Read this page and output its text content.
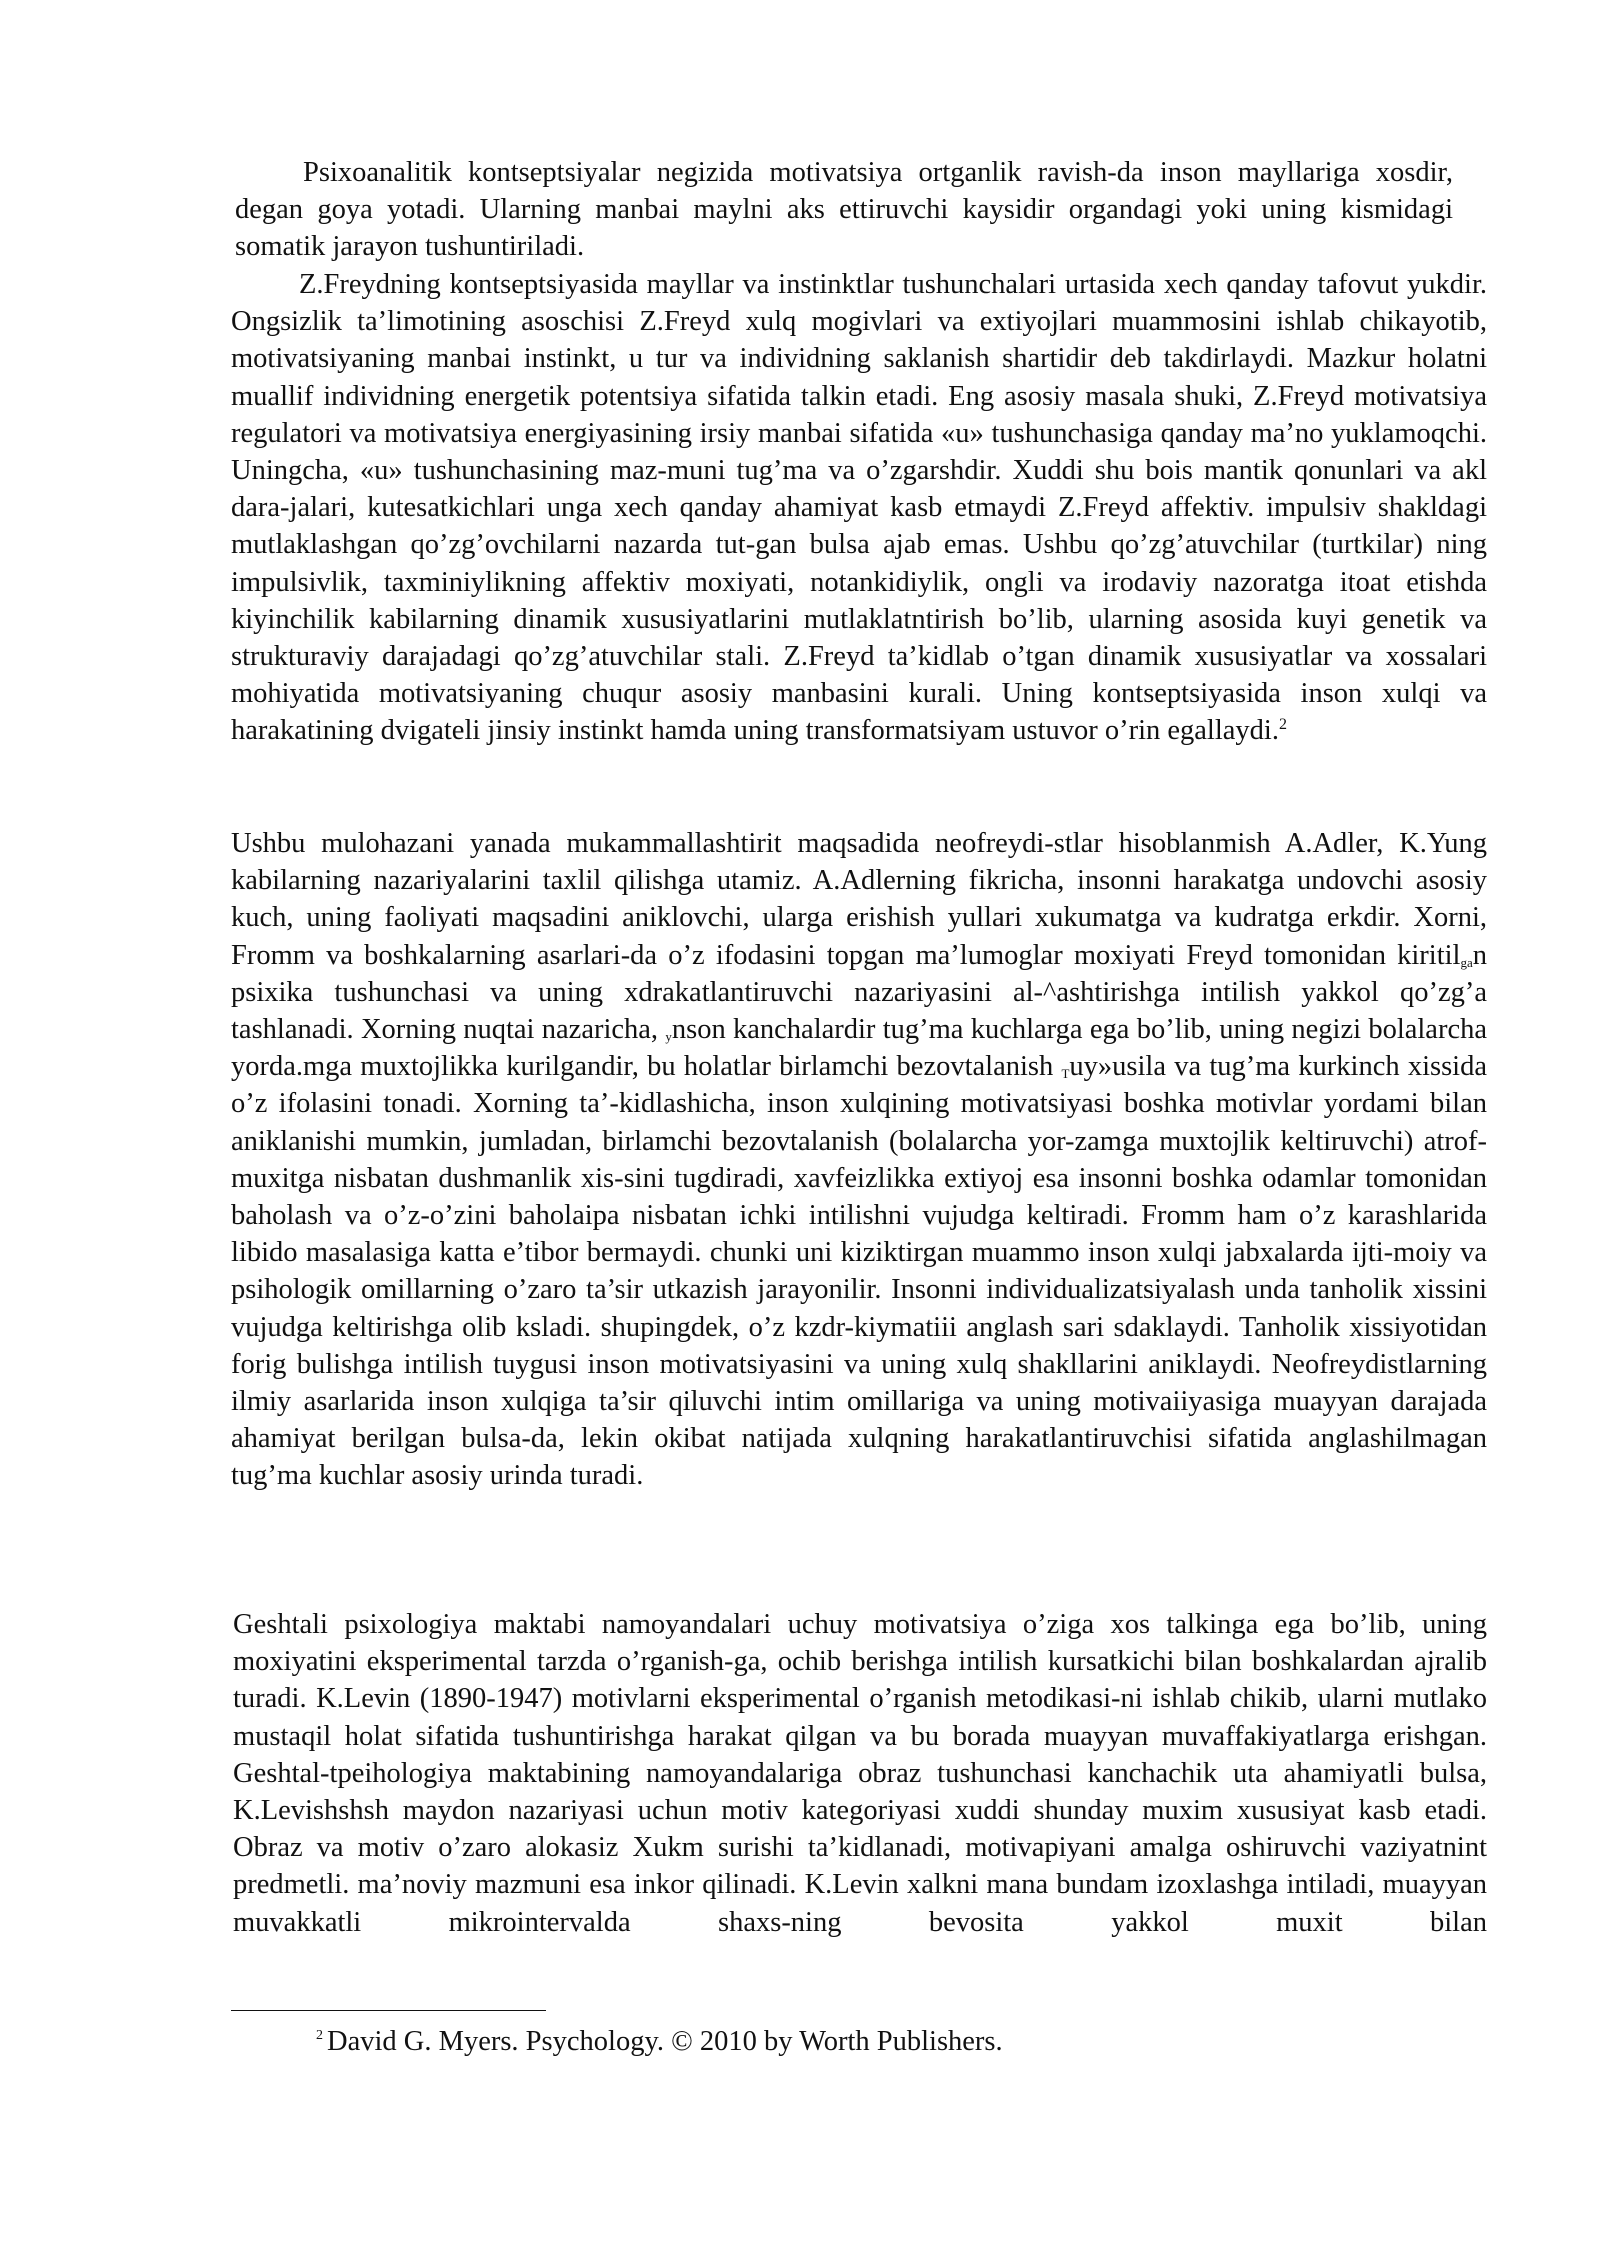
Psixoanalitik kontseptsiyalar negizida motivatsiya ortganlik ravish-da inson mayllariga xosdir, degan goya yotadi. Ularning manbai maylni aks ettiruvchi kaysidir organdagi yoki uning kismidagi somatik jarayon tushuntiriladi.

Z.Freydning kontseptsiyasida mayllar va instinktlar tushunchalari urtasida xech qanday tafovut yukdir. Ongsizlik ta’limotining asoschisi Z.Freyd xulq mogivlari va extiyojlari muammosini ishlab chikayotib, motivatsiyaning manbai instinkt, u tur va individning saklanish shartidir deb takdirlaydi. Mazkur holatni muallif individning energetik potentsiya sifatida talkin etadi. Eng asosiy masala shuki, Z.Freyd motivatsiya regulatori va motivatsiya energiyasining irsiy manbai sifatida «u» tushunchasiga qanday ma’no yuklamoqchi. Uningcha, «u» tushunchasining maz-muni tug’ma va o’zgarshdir. Xuddi shu bois mantik qonunlari va akl dara-jalari, kutesatkichlari unga xech qanday ahamiyat kasb etmaydi Z.Freyd affektiv. impulsiv shakldagi mutlaklashgan qo’zg’ovchilarni nazarda tut-gan bulsa ajab emas. Ushbu qo’zg’atuvchilar (turtkilar) ning impulsivlik, taxminiylikning affektiv moxiyati, notankidiylik, ongli va irodaviy nazoratga itoat etishda kiyinchilik kabilarning dinamik xususiyatlarini mutlaklatntirish bo’lib, ularning asosida kuyi genetik va strukturaviy darajadagi qo’zg’atuvchilar stali. Z.Freyd ta’kidlab o’tgan dinamik xususiyatlar va xossalari mohiyatida motivatsiyaning chuqur asosiy manbasini kurali. Uning kontseptsiyasida inson xulqi va harakatining dvigateli jinsiy instinkt hamda uning transformatsiyam ustuvor o’rin egallaydi.$^2$

Ushbu mulohazani yanada mukammallashtirit maqsadida neofreydi-stlar hisoblanmish A.Adler, K.Yung kabilarning nazariyalarini taxlil qilishga utamiz. A.Adlerning fikricha, insonni harakatga undovchi asosiy kuch, uning faoliyati maqsadini aniklovchi, ularga erishish yullari xukumatga va kudratga erkdir. Xorni, Fromm va boshkalarning asarlari-da o’z ifodasini topgan ma’lumoglar moxiyati Freyd tomonidan kiritil$_{ga}$n psixika tushunchasi va uning xdrakatlantiruvchi nazariyasini al-^ashtirishga intilish yakkol qo’zg’a tashlanadi. Xorning nuqtai nazaricha, $_y$nson kanchalardir tug’ma kuchlarga ega bo’lib, uning negizi bolalarcha yorda.mga muxtojlikka kurilgandir, bu holatlar birlamchi bezovtalanish $_T$uy»usila va tug’ma kurkinch xissida o’z ifolasini tonadi. Xorning ta’-kidlashicha, inson xulqining motivatsiyasi boshka motivlar yordami bilan aniklanishi mumkin, jumladan, birlamchi bezovtalanish (bolalarcha yor-zamga muxtojlik keltiruvchi) atrof-muxitga nisbatan dushmanlik xis-sini tugdiradi, xavfeizlikka extiyoj esa insonni boshka odamlar tomonidan baholash va o’z-o’zini baholaipa nisbatan ichki intilishni vujudga keltiradi. Fromm ham o’z karashlarida libido masalasiga katta e’tibor bermaydi. chunki uni kiziktirgan muammo inson xulqi jabxalarda ijti-moiy va psihologik omillarning o’zaro ta’sir utkazish jarayonilir. Insonni individualizatsiyalash unda tanholik xissini vujudga keltirishga olib ksladi. shupingdek, o’z kzdr-kiymatiii anglash sari sdaklaydi. Tanholik xissiyotidan forig bulishga intilish tuygusi inson motivatsiyasini va uning xulq shakllarini aniklaydi. Neofreydistlarning ilmiy asarlarida inson xulqiga ta’sir qiluvchi intim omillariga va uning motivaiiyasiga muayyan darajada ahamiyat berilgan bulsa-da, lekin okibat natijada xulqning harakatlantiruvchisi sifatida anglashilmagan tug’ma kuchlar asosiy urinda turadi.

Geshtali psixologiya maktabi namoyandalari uchuy motivatsiya o’ziga xos talkinga ega bo’lib, uning moxiyatini eksperimental tarzda o’rganish-ga, ochib berishga intilish kursatkichi bilan boshkalardan ajralib turadi. K.Levin (1890-1947) motivlarni eksperimental o’rganish metodikasi-ni ishlab chikib, ularni mutlako mustaqil holat sifatida tushuntirishga harakat qilgan va bu borada muayyan muvaffakiyatlarga erishgan. Geshtal-tpeihologiya maktabining namoyandalariga obraz tushunchasi kanchachik uta ahamiyatli bulsa, K.Levishshsh maydon nazariyasi uchun motiv kategoriyasi xuddi shunday muxim xususiyat kasb etadi. Obraz va motiv o’zaro alokasiz Xukm surishi ta’kidlanadi, motivapiyani amalga oshiruvchi vaziyatnint predmetli. ma’noviy mazmuni esa inkor qilinadi. K.Levin xalkni mana bundam izoxlashga intiladi, muayyan muvakkatli mikrointervalda shaxs-ning bevosita yakkol muxit bilan

2 David G. Myers. Psychology. © 2010 by Worth Publishers.
